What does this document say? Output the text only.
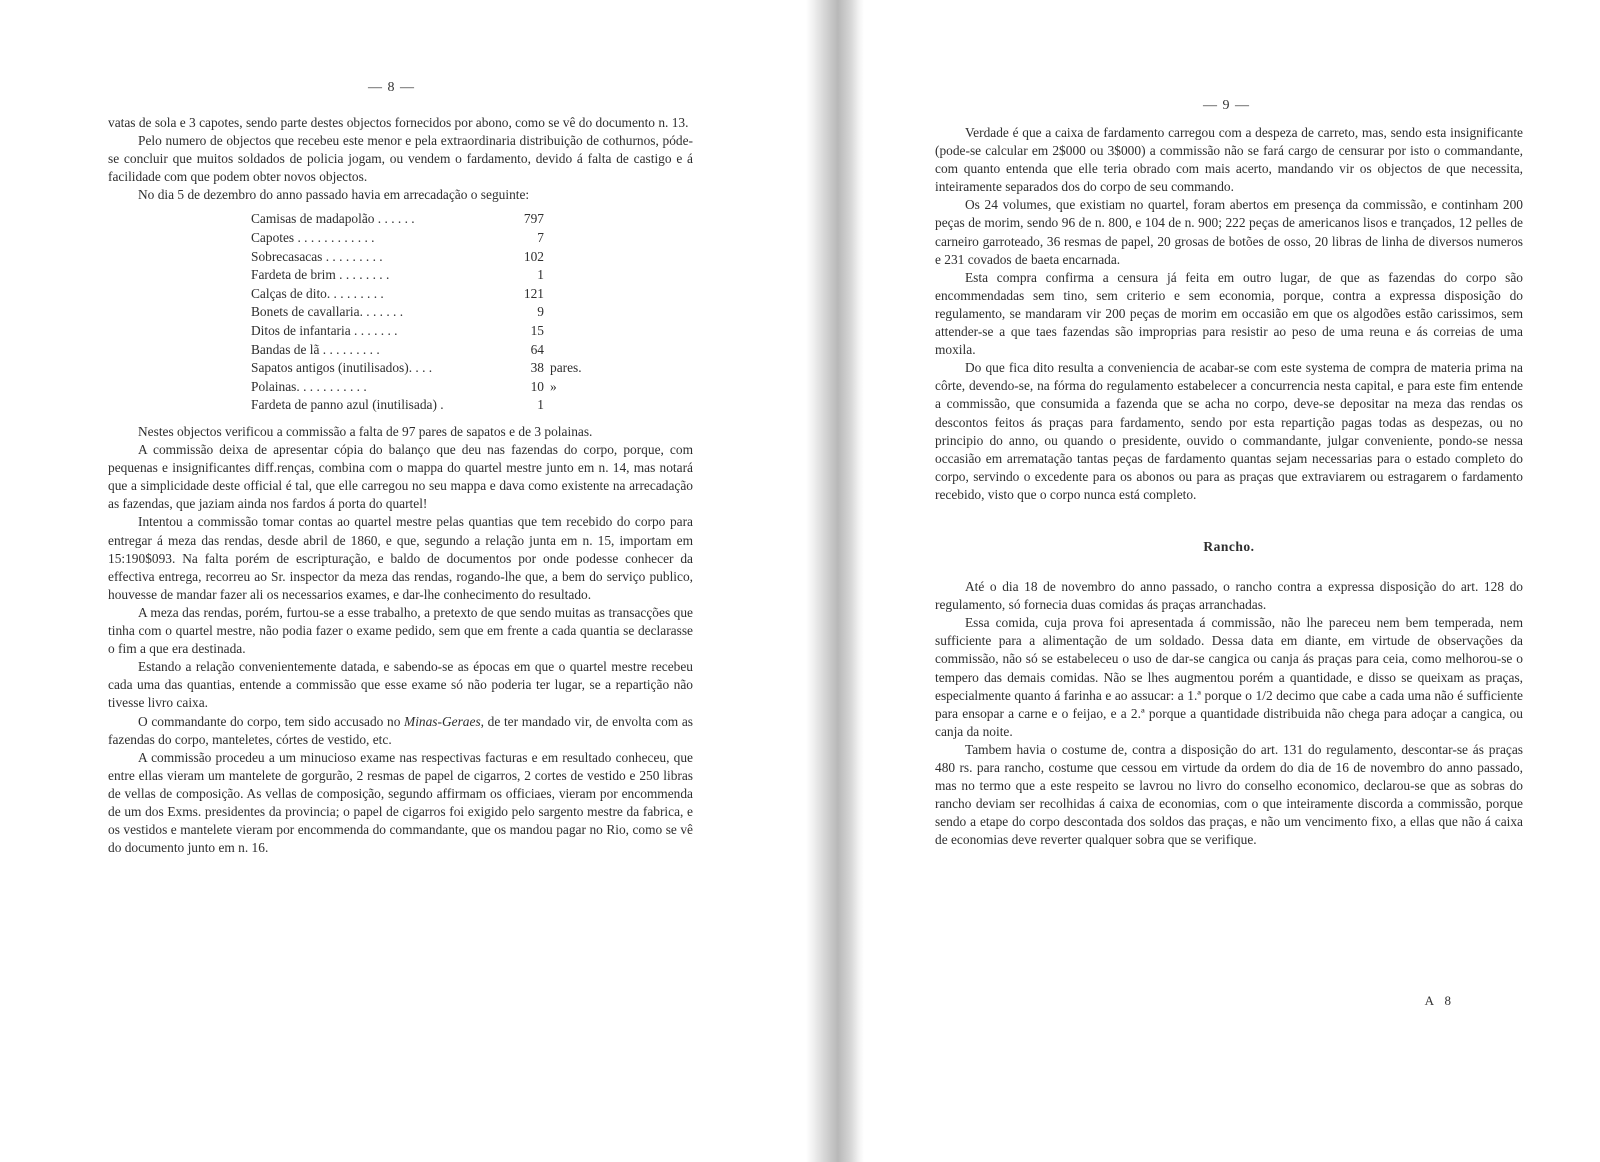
— 8 —

vatas de sola e 3 capotes, sendo parte destes objectos fornecidos por abono, como se vê do documento n. 13.

Pelo numero de objectos que recebeu este menor e pela extraordinaria distribuição de cothurnos, póde-se concluir que muitos soldados de policia jogam, ou vendem o fardamento, devido á falta de castigo e á facilidade com que podem obter novos objectos.

No dia 5 de dezembro do anno passado havia em arrecadação o seguinte:

Camisas de madapolão . . . . . .	797	
Capotes . . . . . . . . . . . .	7	
Sobrecasacas . . . . . . . . .	102	
Fardeta de brim . . . . . . . .	1	
Calças de dito. . . . . . . . .	121	
Bonets de cavallaria. . . . . . .	9	
Ditos de infantaria . . . . . . .	15	
Bandas de lã . . . . . . . . .	64	
Sapatos antigos (inutilisados). . . .	38	pares.
Polainas. . . . . . . . . . .	10	»
Fardeta de panno azul (inutilisada) .	1	

Nestes objectos verificou a commissão a falta de 97 pares de sapatos e de 3 polainas.

A commissão deixa de apresentar cópia do balanço que deu nas fazendas do corpo, porque, com pequenas e insignificantes diff.renças, combina com o mappa do quartel mestre junto em n. 14, mas notará que a simplicidade deste official é tal, que elle carregou no seu mappa e dava como existente na arrecadação as fazendas, que jaziam ainda nos fardos á porta do quartel!

Intentou a commissão tomar contas ao quartel mestre pelas quantias que tem recebido do corpo para entregar á meza das rendas, desde abril de 1860, e que, segundo a relação junta em n. 15, importam em 15:190$093. Na falta porém de escripturação, e baldo de documentos por onde podesse conhecer da effectiva entrega, recorreu ao Sr. inspector da meza das rendas, rogando-lhe que, a bem do serviço publico, houvesse de mandar fazer ali os necessarios exames, e dar-lhe conhecimento do resultado.

A meza das rendas, porém, furtou-se a esse trabalho, a pretexto de que sendo muitas as transacções que tinha com o quartel mestre, não podia fazer o exame pedido, sem que em frente a cada quantia se declarasse o fim a que era destinada.

Estando a relação convenientemente datada, e sabendo-se as épocas em que o quartel mestre recebeu cada uma das quantias, entende a commissão que esse exame só não poderia ter lugar, se a repartição não tivesse livro caixa.

O commandante do corpo, tem sido accusado no Minas-Geraes, de ter mandado vir, de envolta com as fazendas do corpo, manteletes, córtes de vestido, etc.

A commissão procedeu a um minucioso exame nas respectivas facturas e em resultado conheceu, que entre ellas vieram um mantelete de gorgurão, 2 resmas de papel de cigarros, 2 cortes de vestido e 250 libras de vellas de composição. As vellas de composição, segundo affirmam os officiaes, vieram por encommenda de um dos Exms. presidentes da provincia; o papel de cigarros foi exigido pelo sargento mestre da fabrica, e os vestidos e mantelete vieram por encommenda do commandante, que os mandou pagar no Rio, como se vê do documento junto em n. 16.

— 9 —

Verdade é que a caixa de fardamento carregou com a despeza de carreto, mas, sendo esta insignificante (pode-se calcular em 2$000 ou 3$000) a commissão não se fará cargo de censurar por isto o commandante, com quanto entenda que elle teria obrado com mais acerto, mandando vir os objectos de que necessita, inteiramente separados dos do corpo de seu commando.

Os 24 volumes, que existiam no quartel, foram abertos em presença da commissão, e continham 200 peças de morim, sendo 96 de n. 800, e 104 de n. 900; 222 peças de americanos lisos e trançados, 12 pelles de carneiro garroteado, 36 resmas de papel, 20 grosas de botões de osso, 20 libras de linha de diversos numeros e 231 covados de baeta encarnada.

Esta compra confirma a censura já feita em outro lugar, de que as fazendas do corpo são encommendadas sem tino, sem criterio e sem economia, porque, contra a expressa disposição do regulamento, se mandaram vir 200 peças de morim em occasião em que os algodões estão carissimos, sem attender-se a que taes fazendas são improprias para resistir ao peso de uma reuna e ás correias de uma moxila.

Do que fica dito resulta a conveniencia de acabar-se com este systema de compra de materia prima na côrte, devendo-se, na fórma do regulamento estabelecer a concurrencia nesta capital, e para este fim entende a commissão, que consumida a fazenda que se acha no corpo, deve-se depositar na meza das rendas os descontos feitos ás praças para fardamento, sendo por esta repartição pagas todas as despezas, ou no principio do anno, ou quando o presidente, ouvido o commandante, julgar conveniente, pondo-se nessa occasião em arrematação tantas peças de fardamento quantas sejam necessarias para o estado completo do corpo, servindo o excedente para os abonos ou para as praças que extraviarem ou estragarem o fardamento recebido, visto que o corpo nunca está completo.

Rancho.

Até o dia 18 de novembro do anno passado, o rancho contra a expressa disposição do art. 128 do regulamento, só fornecia duas comidas ás praças arranchadas.

Essa comida, cuja prova foi apresentada á commissão, não lhe pareceu nem bem temperada, nem sufficiente para a alimentação de um soldado. Dessa data em diante, em virtude de observações da commissão, não só se estabeleceu o uso de dar-se cangica ou canja ás praças para ceia, como melhorou-se o tempero das demais comidas. Não se lhes augmentou porém a quantidade, e disso se queixam as praças, especialmente quanto á farinha e ao assucar: a 1.ª porque o 1/2 decimo que cabe a cada uma não é sufficiente para ensopar a carne e o feijao, e a 2.ª porque a quantidade distribuida não chega para adoçar a cangica, ou canja da noite.

Tambem havia o costume de, contra a disposição do art. 131 do regulamento, descontar-se ás praças 480 rs. para rancho, costume que cessou em virtude da ordem do dia de 16 de novembro do anno passado, mas no termo que a este respeito se lavrou no livro do conselho economico, declarou-se que as sobras do rancho deviam ser recolhidas á caixa de economias, com o que inteiramente discorda a commissão, porque sendo a etape do corpo descontada dos soldos das praças, e não um vencimento fixo, a ellas que não á caixa de economias deve reverter qualquer sobra que se verifique.

A 8
